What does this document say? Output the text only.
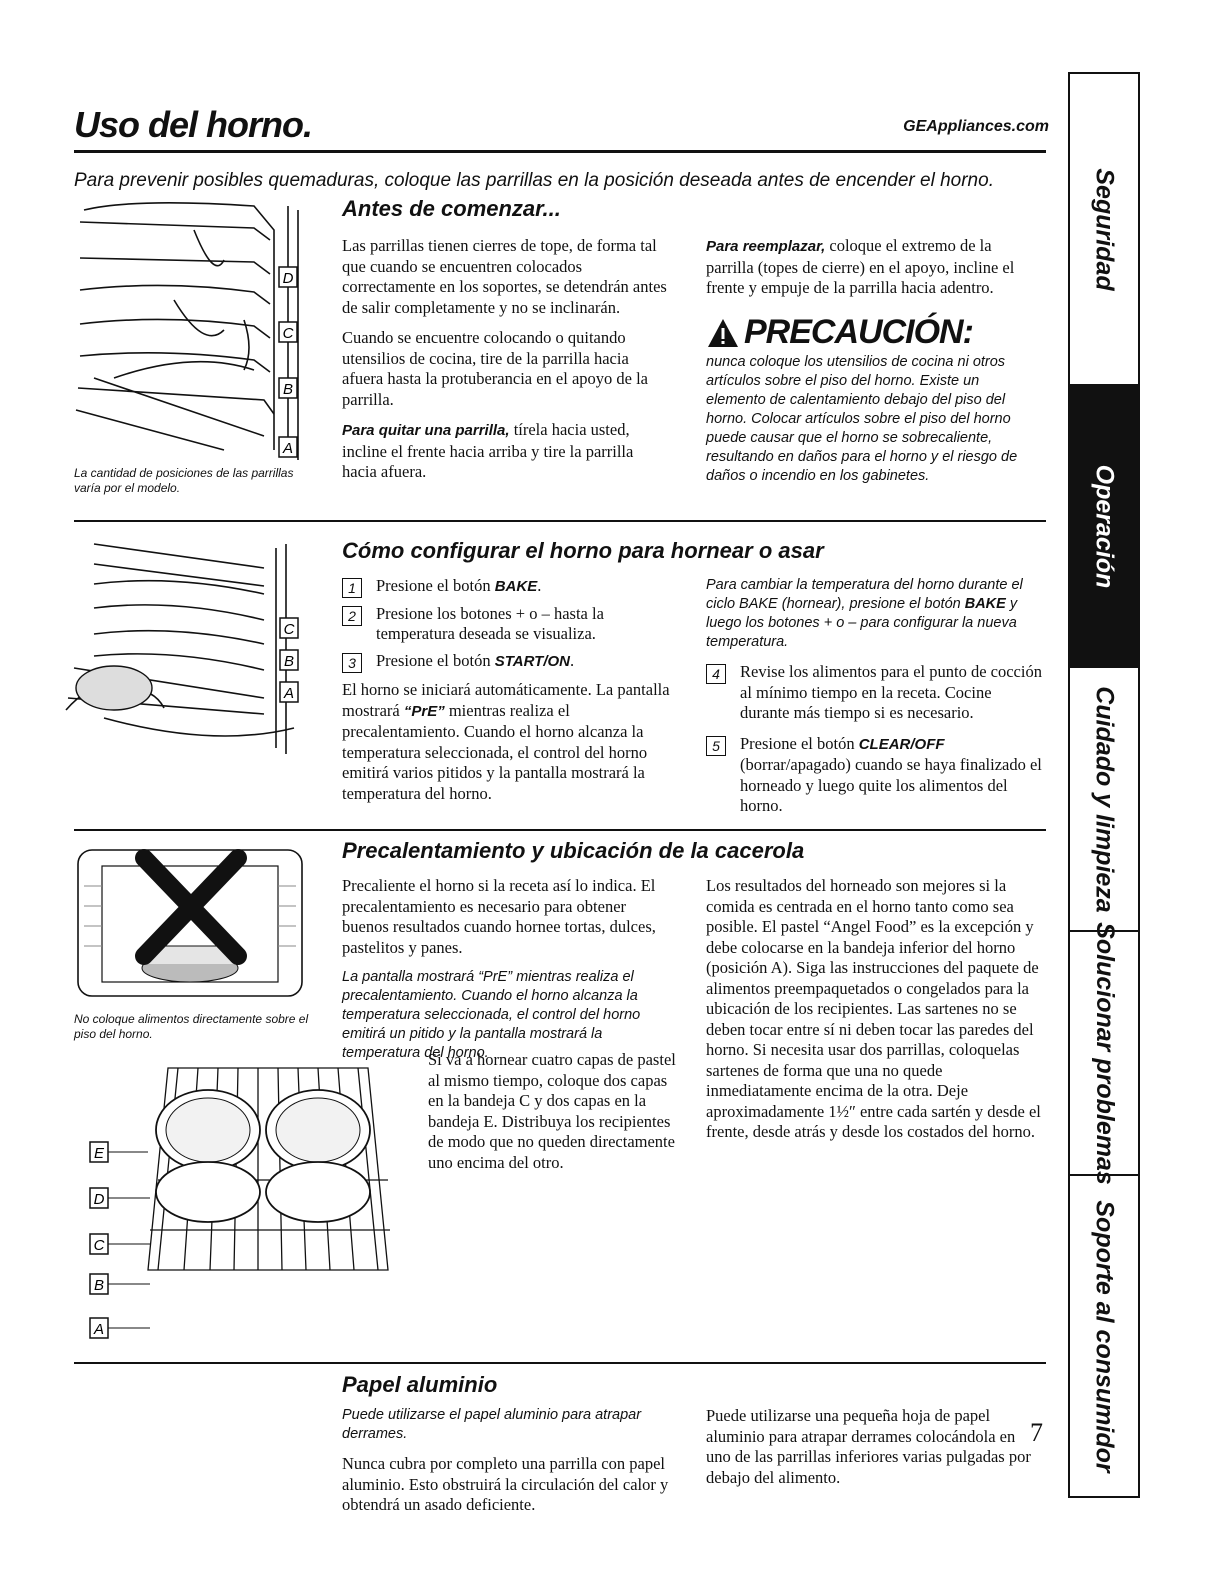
Uso del horno.	GEAppliances.com
Para prevenir posibles quemaduras, coloque las parrillas en la posición deseada antes de encender el horno.	Seguridad
Operación
Cuidado y limpieza
Solucionar problemas
Soporte al consumidor
D
C
B
A
La cantidad de posiciones de las parrillas varía por el modelo.
Antes de comenzar...
Las parrillas tienen cierres de tope, de forma tal que cuando se encuentren colocados correctamente en los soportes, se detendrán antes de salir completamente y no se inclinarán.
Cuando se encuentre colocando o quitando utensilios de cocina, tire de la parrilla hacia afuera hasta la protuberancia en el apoyo de la parrilla.
Para quitar una parrilla, tírela hacia usted, incline el frente hacia arriba y tire la parrilla hacia afuera.
Para reemplazar, coloque el extremo de la parrilla (topes de cierre) en el apoyo, incline el frente y empuje de la parrilla hacia adentro.
PRECAUCIÓN:
nunca coloque los utensilios de cocina ni otros artículos sobre el piso del horno. Existe un elemento de calentamiento debajo del piso del horno. Colocar artículos sobre el piso del horno puede causar que el horno se sobrecaliente, resultando en daños para el horno y el riesgo de daños o incendio en los gabinetes.
C
B
A
Cómo configurar el horno para hornear o asar
1	Presione el botón BAKE.
2	Presione los botones + o – hasta la temperatura deseada se visualiza.
3	Presione el botón START/ON.
El horno se iniciará automáticamente. La pantalla mostrará “PrE” mientras realiza el precalentamiento. Cuando el horno alcanza la temperatura seleccionada, el control del horno emitirá varios pitidos y la pantalla mostrará la temperatura del horno.
Para cambiar la temperatura del horno durante el ciclo BAKE (hornear), presione el botón BAKE y luego los botones + o – para configurar la nueva temperatura.
4	Revise los alimentos para el punto de cocción al mínimo tiempo en la receta. Cocine durante más tiempo si es necesario.
5	Presione el botón CLEAR/OFF (borrar/apagado) cuando se haya finalizado el horneado y luego quite los alimentos del horno.
No coloque alimentos directamente sobre el piso del horno.
E
D
C
B
A
Precalentamiento y ubicación de la cacerola
Precaliente el horno si la receta así lo indica. El precalentamiento es necesario para obtener buenos resultados cuando hornee tortas, dulces, pastelitos y panes.
La pantalla mostrará “PrE” mientras realiza el precalentamiento. Cuando el horno alcanza la temperatura seleccionada, el control del horno emitirá un pitido y la pantalla mostrará la temperatura del horno.
Si va a hornear cuatro capas de pastel al mismo tiempo, coloque dos capas en la bandeja C y dos capas en la bandeja E. Distribuya los recipientes de modo que no queden directamente uno encima del otro.
Los resultados del horneado son mejores si la comida es centrada en el horno tanto como sea posible. El pastel “Angel Food” es la excepción y debe colocarse en la bandeja inferior del horno (posición A). Siga las instrucciones del paquete de alimentos preempaquetados o congelados para la ubicación de los recipientes. Las sartenes no se deben tocar entre sí ni deben tocar las paredes del horno. Si necesita usar dos parrillas, coloquelas sartenes de forma que una no quede inmediatamente encima de la otra. Deje aproximadamente 1½″ entre cada sartén y desde el frente, desde atrás y desde los costados del horno.
Papel aluminio
Puede utilizarse el papel aluminio para atrapar derrames.
Nunca cubra por completo una parrilla con papel aluminio. Esto obstruirá la circulación del calor y obtendrá un asado deficiente.
Puede utilizarse una pequeña hoja de papel aluminio para atrapar derrames colocándola en uno de las parrillas inferiores varias pulgadas por debajo del alimento.
7
